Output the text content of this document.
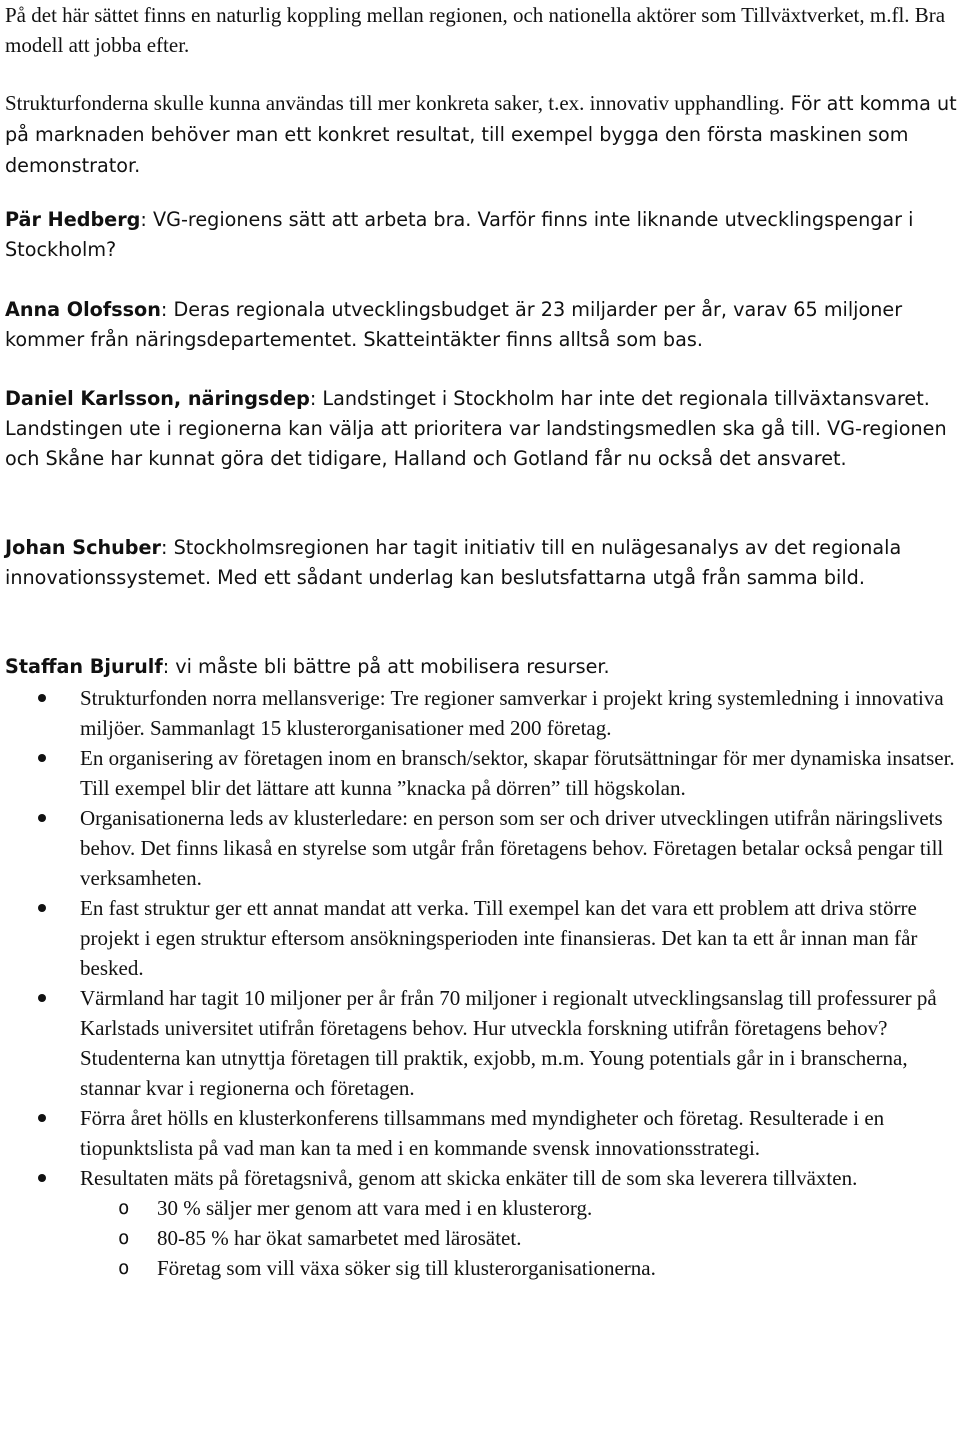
På det här sättet finns en naturlig koppling mellan regionen, och nationella aktörer som Tillväxtverket, m.fl. Bra modell att jobba efter.

Strukturfonderna skulle kunna användas till mer konkreta saker, t.ex. innovativ upphandling. För att komma ut på marknaden behöver man ett konkret resultat, till exempel bygga den första maskinen som demonstrator.

Pär Hedberg: VG-regionens sätt att arbeta bra. Varför finns inte liknande utvecklingspengar i Stockholm?

Anna Olofsson: Deras regionala utvecklingsbudget är 23 miljarder per år, varav 65 miljoner kommer från näringsdepartementet. Skatteintäkter finns alltså som bas.

Daniel Karlsson, näringsdep: Landstinget i Stockholm har inte det regionala tillväxtansvaret. Landstingen ute i regionerna kan välja att prioritera var landstingsmedlen ska gå till. VG-regionen och Skåne har kunnat göra det tidigare, Halland och Gotland får nu också det ansvaret.

Johan Schuber: Stockholmsregionen har tagit initiativ till en nulägesanalys av det regionala innovationssystemet. Med ett sådant underlag kan beslutsfattarna utgå från samma bild.

Staffan Bjurulf: vi måste bli bättre på att mobilisera resurser.

Strukturfonden norra mellansverige: Tre regioner samverkar i projekt kring systemledning i innovativa miljöer. Sammanlagt 15 klusterorganisationer med 200 företag.
En organisering av företagen inom en bransch/sektor, skapar förutsättningar för mer dynamiska insatser. Till exempel blir det lättare att kunna ”knacka på dörren” till högskolan.
Organisationerna leds av klusterledare: en person som ser och driver utvecklingen utifrån näringslivets behov. Det finns likaså en styrelse som utgår från företagens behov. Företagen betalar också pengar till verksamheten.
En fast struktur ger ett annat mandat att verka. Till exempel kan det vara ett problem att driva större projekt i egen struktur eftersom ansökningsperioden inte finansieras. Det kan ta ett år innan man får besked.
Värmland har tagit 10 miljoner per år från 70 miljoner i regionalt utvecklingsanslag till professurer på Karlstads universitet utifrån företagens behov. Hur utveckla forskning utifrån företagens behov? Studenterna kan utnyttja företagen till praktik, exjobb, m.m. Young potentials går in i branscherna, stannar kvar i regionerna och företagen.
Förra året hölls en klusterkonferens tillsammans med myndigheter och företag. Resulterade i en tiopunktslista på vad man kan ta med i en kommande svensk innovationsstrategi.
Resultaten mäts på företagsnivå, genom att skicka enkäter till de som ska leverera tillväxten.
o 30 % säljer mer genom att vara med i en klusterorg.
o 80-85 % har ökat samarbetet med lärosätet.
o Företag som vill växa söker sig till klusterorganisationerna.
